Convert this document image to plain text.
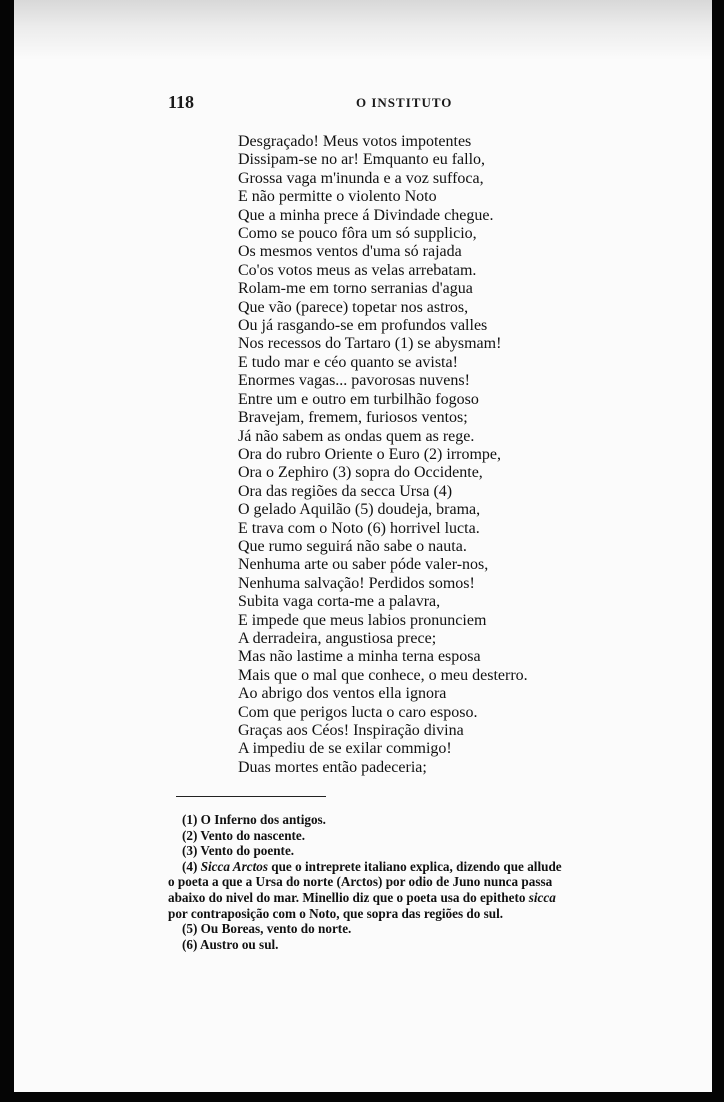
118	O INSTITUTO
Desgraçado! Meus votos impotentes
Dissipam-se no ar! Emquanto eu fallo,
Grossa vaga m'inunda e a voz suffoca,
E não permitte o violento Noto
Que a minha prece á Divindade chegue.
Como se pouco fôra um só supplicio,
Os mesmos ventos d'uma só rajada
Co'os votos meus as velas arrebatam.
Rolam-me em torno serranias d'agua
Que vão (parece) topetar nos astros,
Ou já rasgando-se em profundos valles
Nos recessos do Tartaro (1) se abysmam!
E tudo mar e céo quanto se avista!
Enormes vagas... pavorosas nuvens!
Entre um e outro em turbilhão fogoso
Bravejam, fremem, furiosos ventos;
Já não sabem as ondas quem as rege.
Ora do rubro Oriente o Euro (2) irrompe,
Ora o Zephiro (3) sopra do Occidente,
Ora das regiões da secca Ursa (4)
O gelado Aquilão (5) doudeja, brama,
E trava com o Noto (6) horrivel lucta.
Que rumo seguirá não sabe o nauta.
Nenhuma arte ou saber póde valer-nos,
Nenhuma salvação! Perdidos somos!
Subita vaga corta-me a palavra,
E impede que meus labios pronunciem
A derradeira, angustiosa prece;
Mas não lastime a minha terna esposa
Mais que o mal que conhece, o meu desterro.
Ao abrigo dos ventos ella ignora
Com que perigos lucta o caro esposo.
Graças aos Céos! Inspiração divina
A impediu de se exilar commigo!
Duas mortes então padeceria;
(1) O Inferno dos antigos.
(2) Vento do nascente.
(3) Vento do poente.
(4) Sicca Arctos que o intreprete italiano explica, dizendo que allude
o poeta a que a Ursa do norte (Arctos) por odio de Juno nunca passa
abaixo do nivel do mar. Minellio diz que o poeta usa do epitheto sicca
por contraposição com o Noto, que sopra das regiões do sul.
(5) Ou Boreas, vento do norte.
(6) Austro ou sul.
